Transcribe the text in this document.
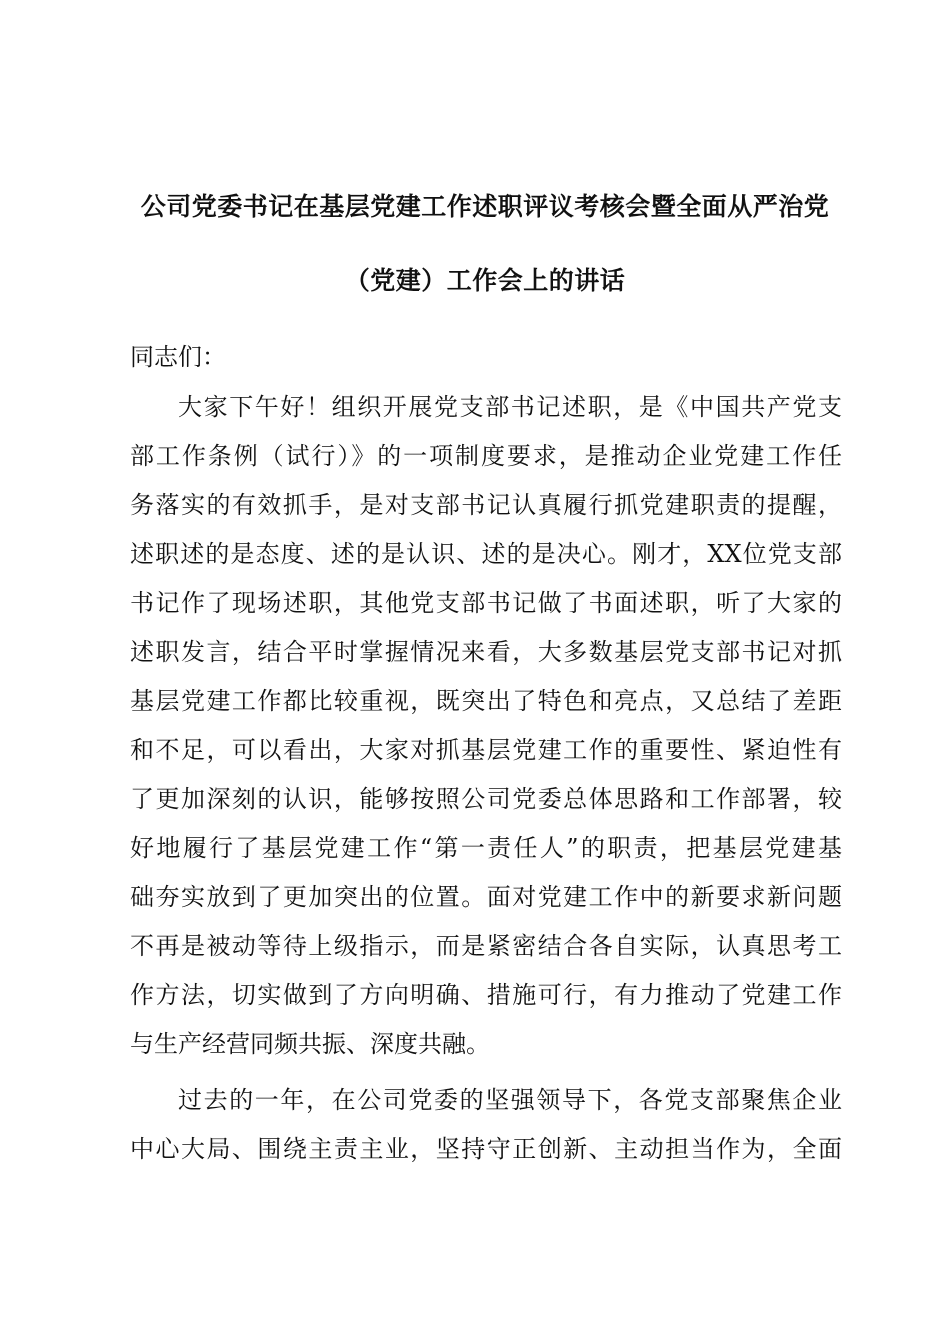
公司党委书记在基层党建工作述职评议考核会暨全面从严治党
（党建）工作会上的讲话
同志们：
大家下午好！组织开展党支部书记述职，是《中国共产党支
部工作条例（试行）》的一项制度要求，是推动企业党建工作任
务落实的有效抓手，是对支部书记认真履行抓党建职责的提醒，
述职述的是态度、述的是认识、述的是决心。刚才，XX位党支部
书记作了现场述职，其他党支部书记做了书面述职，听了大家的
述职发言，结合平时掌握情况来看，大多数基层党支部书记对抓
基层党建工作都比较重视，既突出了特色和亮点，又总结了差距
和不足，可以看出，大家对抓基层党建工作的重要性、紧迫性有
了更加深刻的认识，能够按照公司党委总体思路和工作部署，较
好地履行了基层党建工作“第一责任人”的职责，把基层党建基
础夯实放到了更加突出的位置。面对党建工作中的新要求新问题
不再是被动等待上级指示，而是紧密结合各自实际，认真思考工
作方法，切实做到了方向明确、措施可行，有力推动了党建工作
与生产经营同频共振、深度共融。
过去的一年，在公司党委的坚强领导下，各党支部聚焦企业
中心大局、围绕主责主业，坚持守正创新、主动担当作为，全面
